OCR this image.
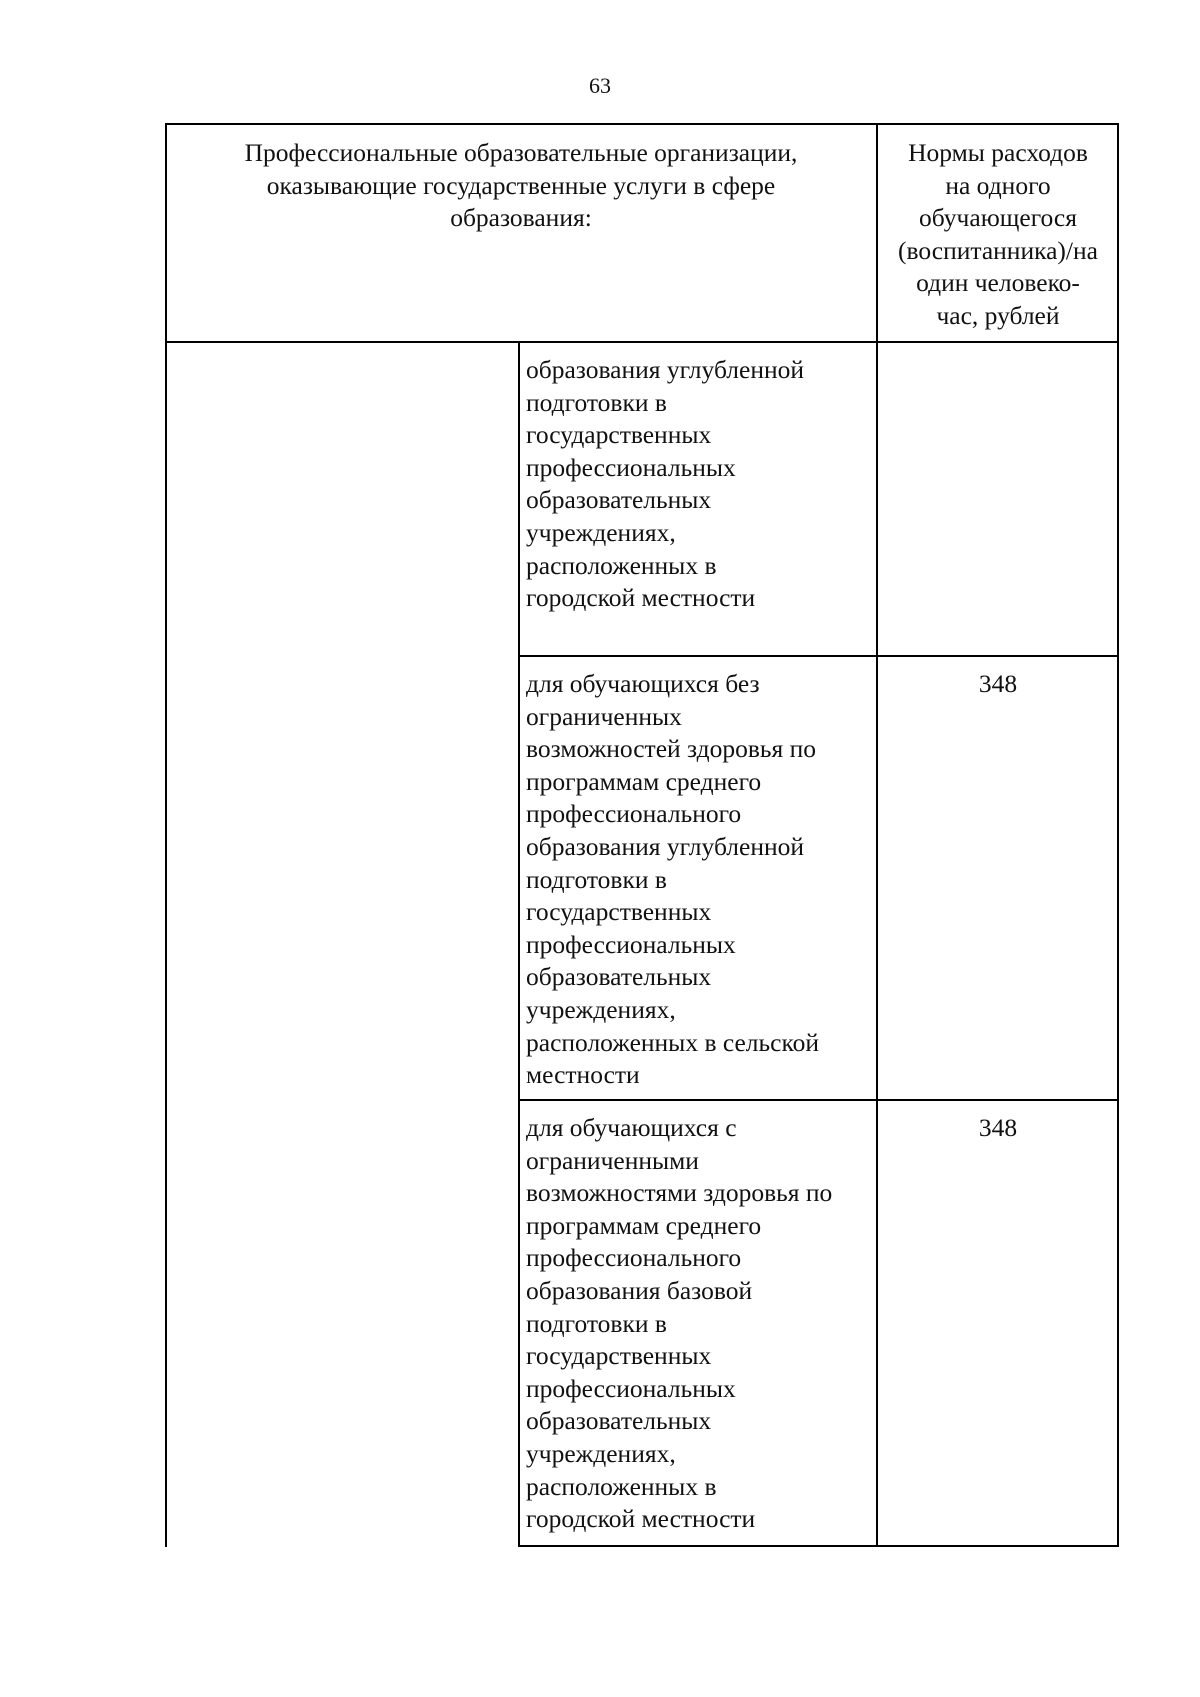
63
Профессиональные образовательные организации,
оказывающие государственные услуги в сфере
образования:
Нормы расходов
на одного
обучающегося
(воспитанника)/на
один человеко-
час, рублей
образования углубленной
подготовки в
государственных
профессиональных
образовательных
учреждениях,
расположенных в
городской местности
для обучающихся без
ограниченных
возможностей здоровья по
программам среднего
профессионального
образования углубленной
подготовки в
государственных
профессиональных
образовательных
учреждениях,
расположенных в сельской
местности
348
для обучающихся с
ограниченными
возможностями здоровья по
программам среднего
профессионального
образования базовой
подготовки в
государственных
профессиональных
образовательных
учреждениях,
расположенных в
городской местности
348
